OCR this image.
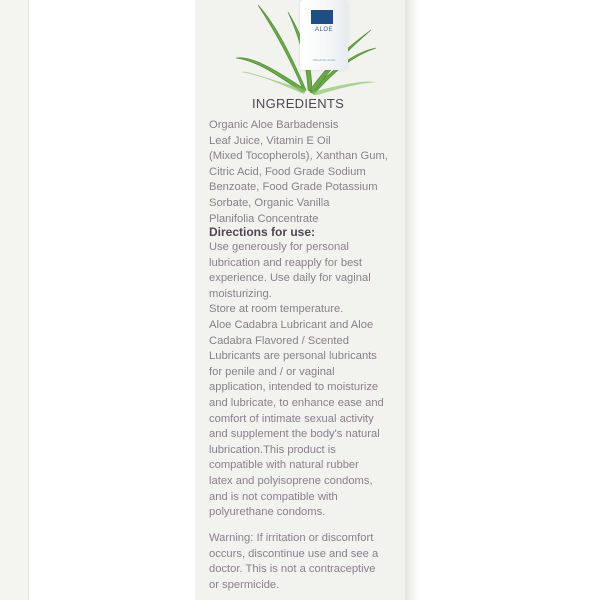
ALOE
ORGANIC ALOE
INGREDIENTS
Organic Aloe Barbadensis
Leaf Juice, Vitamin E Oil
(Mixed Tocopherols), Xanthan Gum,
Citric Acid, Food Grade Sodium
Benzoate, Food Grade Potassium
Sorbate, Organic Vanilla
Planifolia Concentrate
Directions for use:
Use generously for personal
lubrication and reapply for best
experience. Use daily for vaginal
moisturizing.
Store at room temperature.
Aloe Cadabra Lubricant and Aloe
Cadabra Flavored / Scented
Lubricants are personal lubricants
for penile and / or vaginal
application, intended to moisturize
and lubricate, to enhance ease and
comfort of intimate sexual activity
and supplement the body's natural
lubrication.This product is
compatible with natural rubber
latex and polyisoprene condoms,
and is not compatible with
polyurethane condoms.
Warning: If irritation or discomfort
occurs, discontinue use and see a
doctor. This is not a contraceptive
or spermicide.
